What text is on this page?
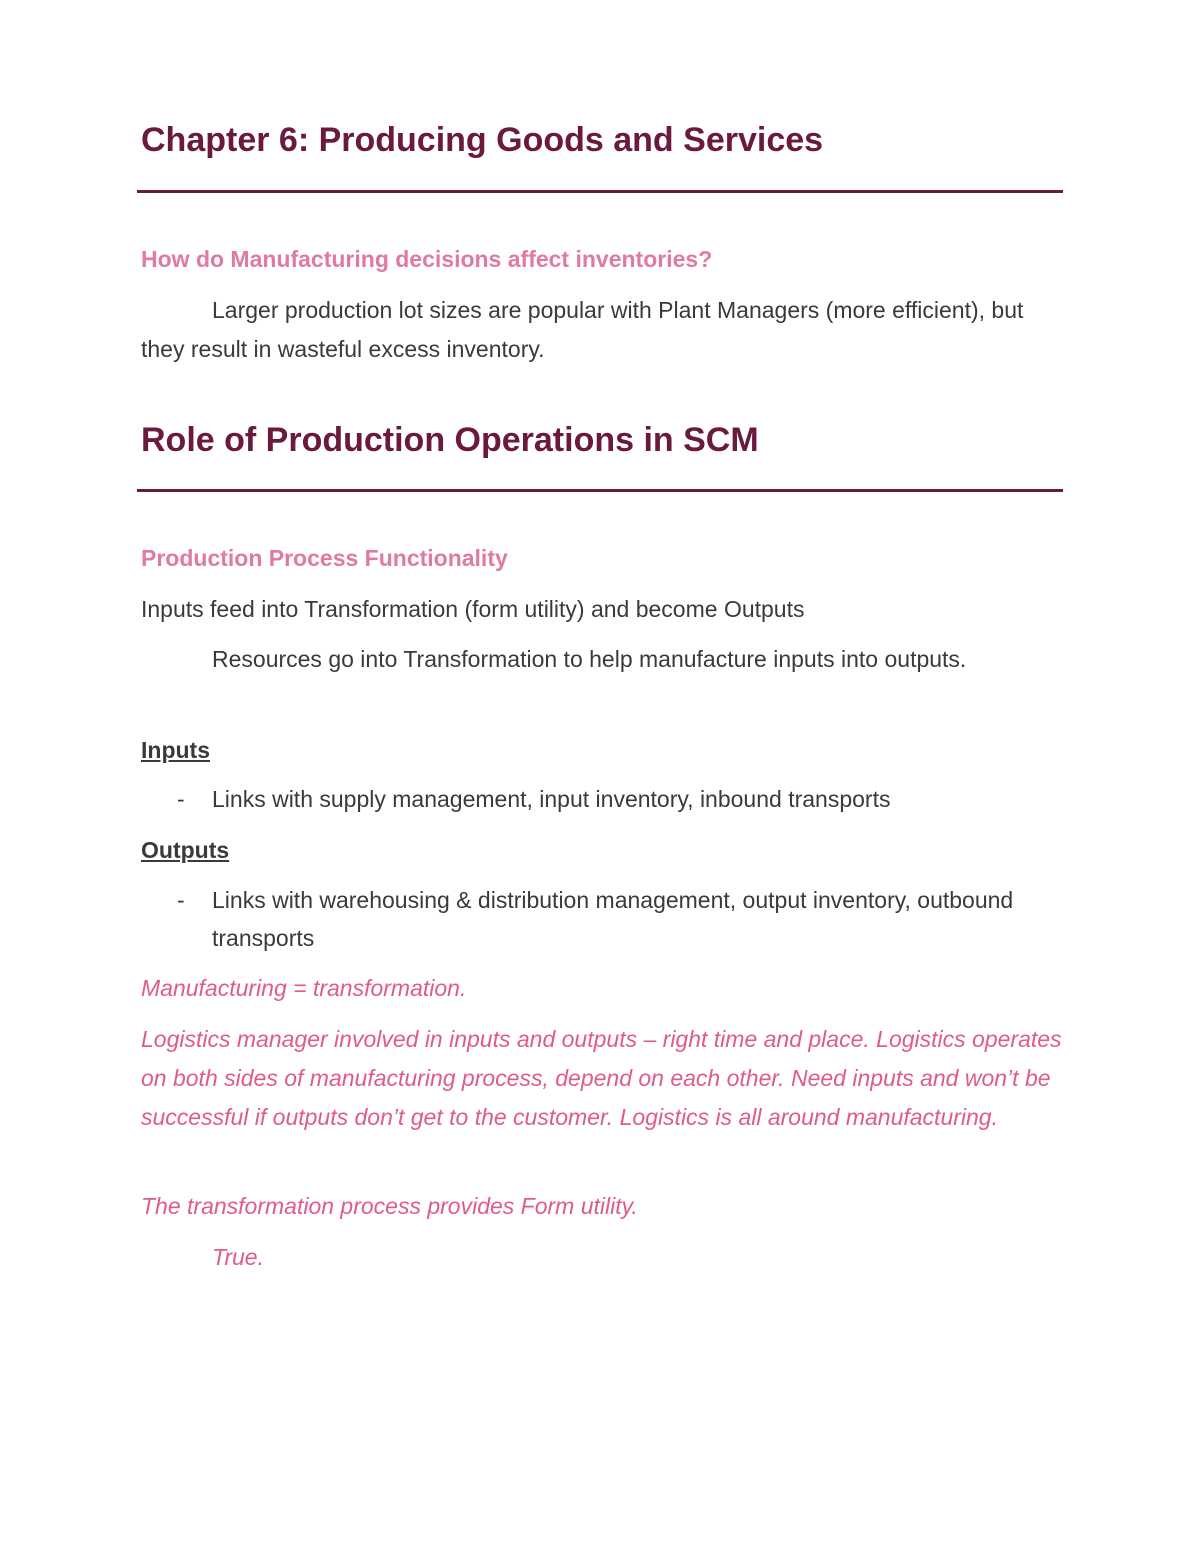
Chapter 6: Producing Goods and Services
How do Manufacturing decisions affect inventories?

Larger production lot sizes are popular with Plant Managers (more efficient), but they result in wasteful excess inventory.

Role of Production Operations in SCM
Production Process Functionality

Inputs feed into Transformation (form utility) and become Outputs

Resources go into Transformation to help manufacture inputs into outputs.

Inputs

- Links with supply management, input inventory, inbound transports

Outputs

- Links with warehousing & distribution management, output inventory, outbound transports

Manufacturing = transformation.

Logistics manager involved in inputs and outputs – right time and place. Logistics operates on both sides of manufacturing process, depend on each other. Need inputs and won’t be successful if outputs don’t get to the customer. Logistics is all around manufacturing.

The transformation process provides Form utility.

True.
